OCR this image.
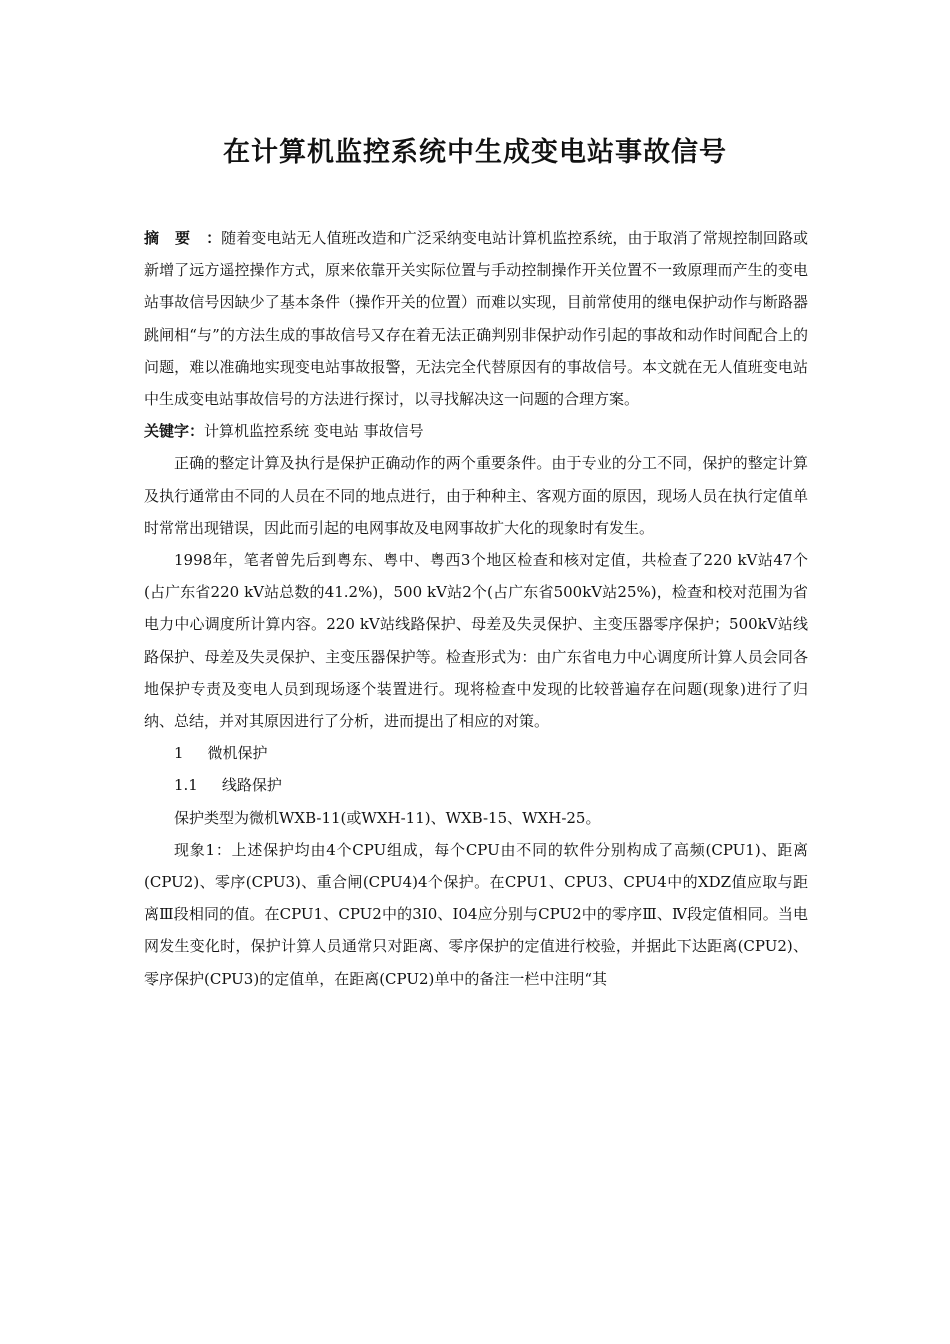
在计算机监控系统中生成变电站事故信号

摘要：随着变电站无人值班改造和广泛采纳变电站计算机监控系统，由于取消了常规控制回路或新增了远方遥控操作方式，原来依靠开关实际位置与手动控制操作开关位置不一致原理而产生的变电站事故信号因缺少了基本条件（操作开关的位置）而难以实现，目前常使用的继电保护动作与断路器跳闸相“与”的方法生成的事故信号又存在着无法正确判别非保护动作引起的事故和动作时间配合上的问题，难以准确地实现变电站事故报警，无法完全代替原因有的事故信号。本文就在无人值班变电站中生成变电站事故信号的方法进行探讨，以寻找解决这一问题的合理方案。

关键字：计算机监控系统 变电站 事故信号

正确的整定计算及执行是保护正确动作的两个重要条件。由于专业的分工不同，保护的整定计算及执行通常由不同的人员在不同的地点进行，由于种种主、客观方面的原因，现场人员在执行定值单时常常出现错误，因此而引起的电网事故及电网事故扩大化的现象时有发生。

1998年，笔者曾先后到粤东、粤中、粤西3个地区检查和核对定值，共检查了220 kV站47个(占广东省220 kV站总数的41.2%)，500 kV站2个(占广东省500kV站25%)，检查和校对范围为省电力中心调度所计算内容。220 kV站线路保护、母差及失灵保护、主变压器零序保护；500kV站线路保护、母差及失灵保护、主变压器保护等。检查形式为：由广东省电力中心调度所计算人员会同各地保护专责及变电人员到现场逐个装置进行。现将检查中发现的比较普遍存在问题(现象)进行了归纳、总结，并对其原因进行了分析，进而提出了相应的对策。

1 微机保护

1.1 线路保护

保护类型为微机WXB-11(或WXH-11)、WXB-15、WXH-25。

现象1：上述保护均由4个CPU组成，每个CPU由不同的软件分别构成了高频(CPU1)、距离(CPU2)、零序(CPU3)、重合闸(CPU4)4个保护。在CPU1、CPU3、CPU4中的XDZ值应取与距离Ⅲ段相同的值。在CPU1、CPU2中的3I0、I04应分别与CPU2中的零序Ⅲ、Ⅳ段定值相同。当电网发生变化时，保护计算人员通常只对距离、零序保护的定值进行校验，并据此下达距离(CPU2)、零序保护(CPU3)的定值单，在距离(CPU2)单中的备注一栏中注明“其
